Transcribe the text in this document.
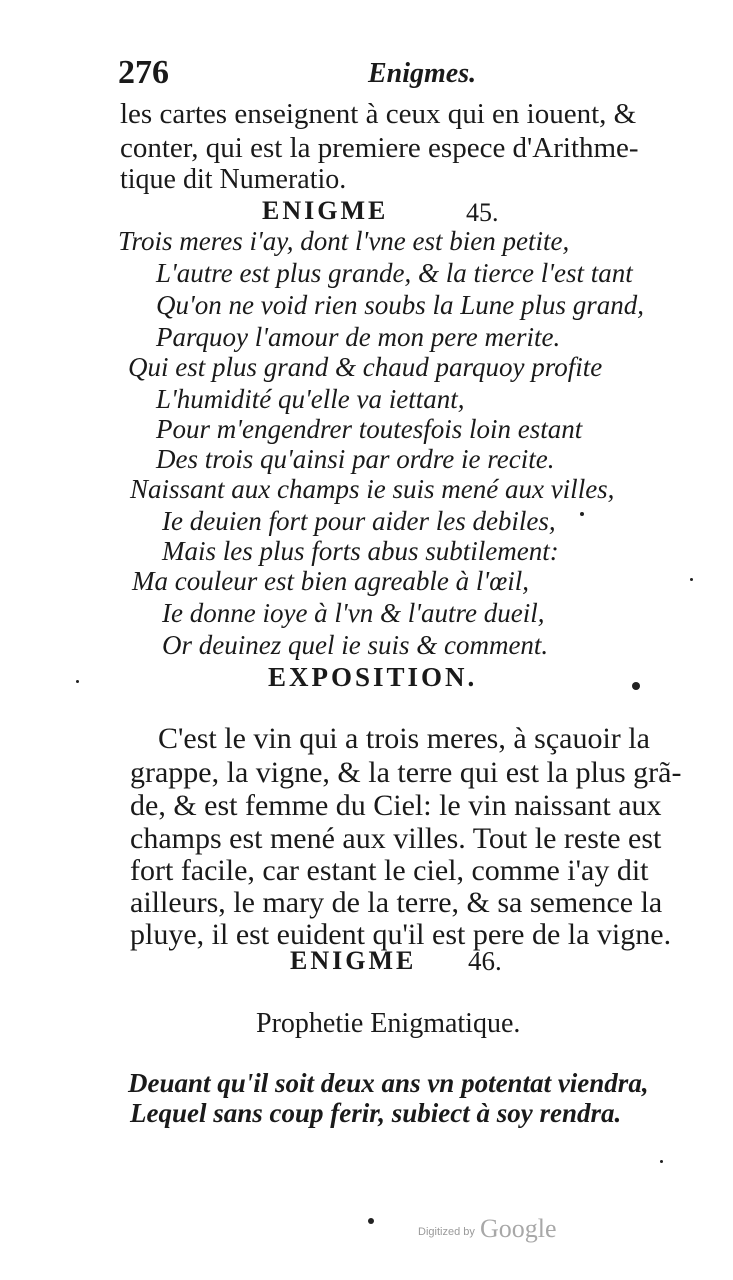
276	Enigmes.
les cartes enseignent à ceux qui en iouent, &
conter, qui est la premiere espece d'Arithme-
tique dit Numeratio.
ENIGME	45.
Trois meres i'ay, dont l'vne est bien petite,
L'autre est plus grande, & la tierce l'est tant
Qu'on ne void rien soubs la Lune plus grand,
Parquoy l'amour de mon pere merite.
Qui est plus grand & chaud parquoy profite
L'humidité qu'elle va iettant,
Pour m'engendrer toutesfois loin estant
Des trois qu'ainsi par ordre ie recite.
Naissant aux champs ie suis mené aux villes,
Ie deuien fort pour aider les debiles,
Mais les plus forts abus subtilement:
Ma couleur est bien agreable à l'œil,
Ie donne ioye à l'vn & l'autre dueil,
Or deuinez quel ie suis & comment.
EXPOSITION.
C'est le vin qui a trois meres, à sçauoir la
grappe, la vigne, & la terre qui est la plus grã-
de, & est femme du Ciel: le vin naissant aux
champs est mené aux villes. Tout le reste est
fort facile, car estant le ciel, comme i'ay dit
ailleurs, le mary de la terre, & sa semence la
pluye, il est euident qu'il est pere de la vigne.
ENIGME 46.
Prophetie Enigmatique.
Deuant qu'il soit deux ans vn potentat viendra,
Lequel sans coup ferir, subiect à soy rendra.
Digitized by Google
